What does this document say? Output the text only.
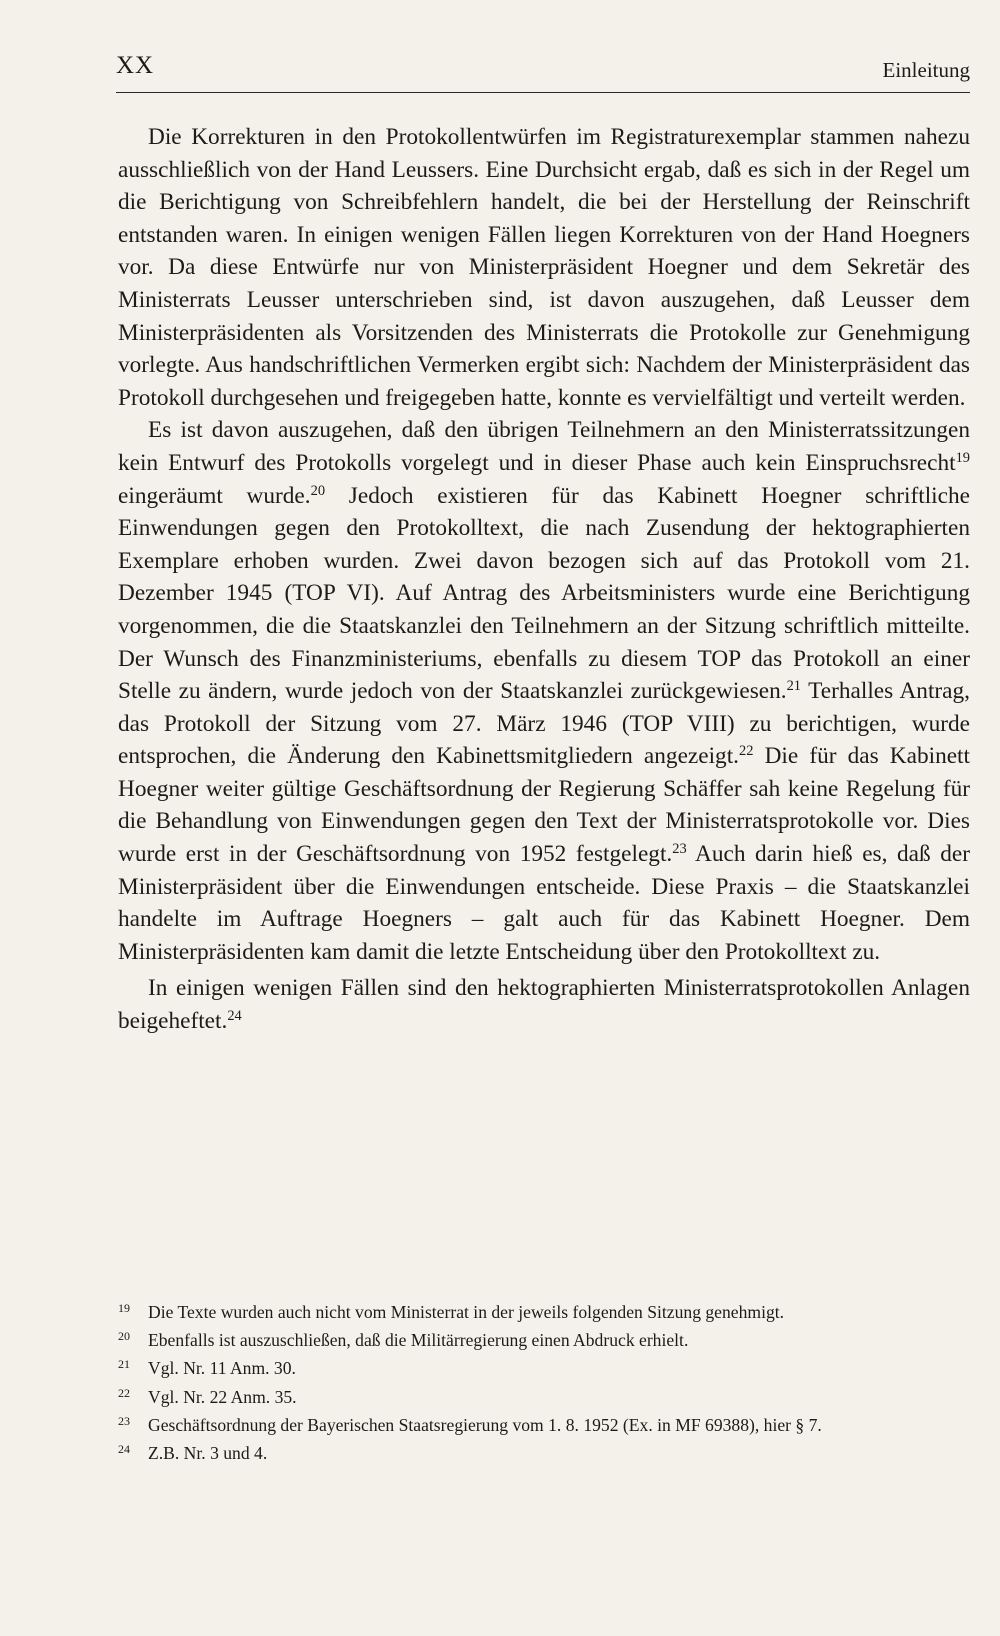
XX	Einleitung

Die Korrekturen in den Protokollentwürfen im Registraturexemplar stammen nahezu ausschließlich von der Hand Leussers. Eine Durchsicht ergab, daß es sich in der Regel um die Berichtigung von Schreibfehlern handelt, die bei der Herstellung der Reinschrift entstanden waren. In einigen wenigen Fällen liegen Korrekturen von der Hand Hoegners vor. Da diese Entwürfe nur von Ministerpräsident Hoegner und dem Sekretär des Ministerrats Leusser unterschrieben sind, ist davon auszugehen, daß Leusser dem Ministerpräsidenten als Vorsitzenden des Ministerrats die Protokolle zur Genehmigung vorlegte. Aus handschriftlichen Vermerken ergibt sich: Nachdem der Ministerpräsident das Protokoll durchgesehen und freigegeben hatte, konnte es vervielfältigt und verteilt werden.

Es ist davon auszugehen, daß den übrigen Teilnehmern an den Ministerratssitzungen kein Entwurf des Protokolls vorgelegt und in dieser Phase auch kein Einspruchsrecht$^{19}$ eingeräumt wurde.$^{20}$ Jedoch existieren für das Kabinett Hoegner schriftliche Einwendungen gegen den Protokolltext, die nach Zusendung der hektographierten Exemplare erhoben wurden. Zwei davon bezogen sich auf das Protokoll vom 21. Dezember 1945 (TOP VI). Auf Antrag des Arbeitsministers wurde eine Berichtigung vorgenommen, die die Staatskanzlei den Teilnehmern an der Sitzung schriftlich mitteilte. Der Wunsch des Finanzministeriums, ebenfalls zu diesem TOP das Protokoll an einer Stelle zu ändern, wurde jedoch von der Staatskanzlei zurückgewiesen.$^{21}$ Terhalles Antrag, das Protokoll der Sitzung vom 27. März 1946 (TOP VIII) zu berichtigen, wurde entsprochen, die Änderung den Kabinettsmitgliedern angezeigt.$^{22}$ Die für das Kabinett Hoegner weiter gültige Geschäftsordnung der Regierung Schäffer sah keine Regelung für die Behandlung von Einwendungen gegen den Text der Ministerratsprotokolle vor. Dies wurde erst in der Geschäftsordnung von 1952 festgelegt.$^{23}$ Auch darin hieß es, daß der Ministerpräsident über die Einwendungen entscheide. Diese Praxis – die Staatskanzlei handelte im Auftrage Hoegners – galt auch für das Kabinett Hoegner. Dem Ministerpräsidenten kam damit die letzte Entscheidung über den Protokolltext zu.

In einigen wenigen Fällen sind den hektographierten Ministerratsprotokollen Anlagen beigeheftet.$^{24}$

19	Die Texte wurden auch nicht vom Ministerrat in der jeweils folgenden Sitzung genehmigt.
20	Ebenfalls ist auszuschließen, daß die Militärregierung einen Abdruck erhielt.
21	Vgl. Nr. 11 Anm. 30.
22	Vgl. Nr. 22 Anm. 35.
23	Geschäftsordnung der Bayerischen Staatsregierung vom 1. 8. 1952 (Ex. in MF 69388), hier § 7.
24	Z.B. Nr. 3 und 4.
